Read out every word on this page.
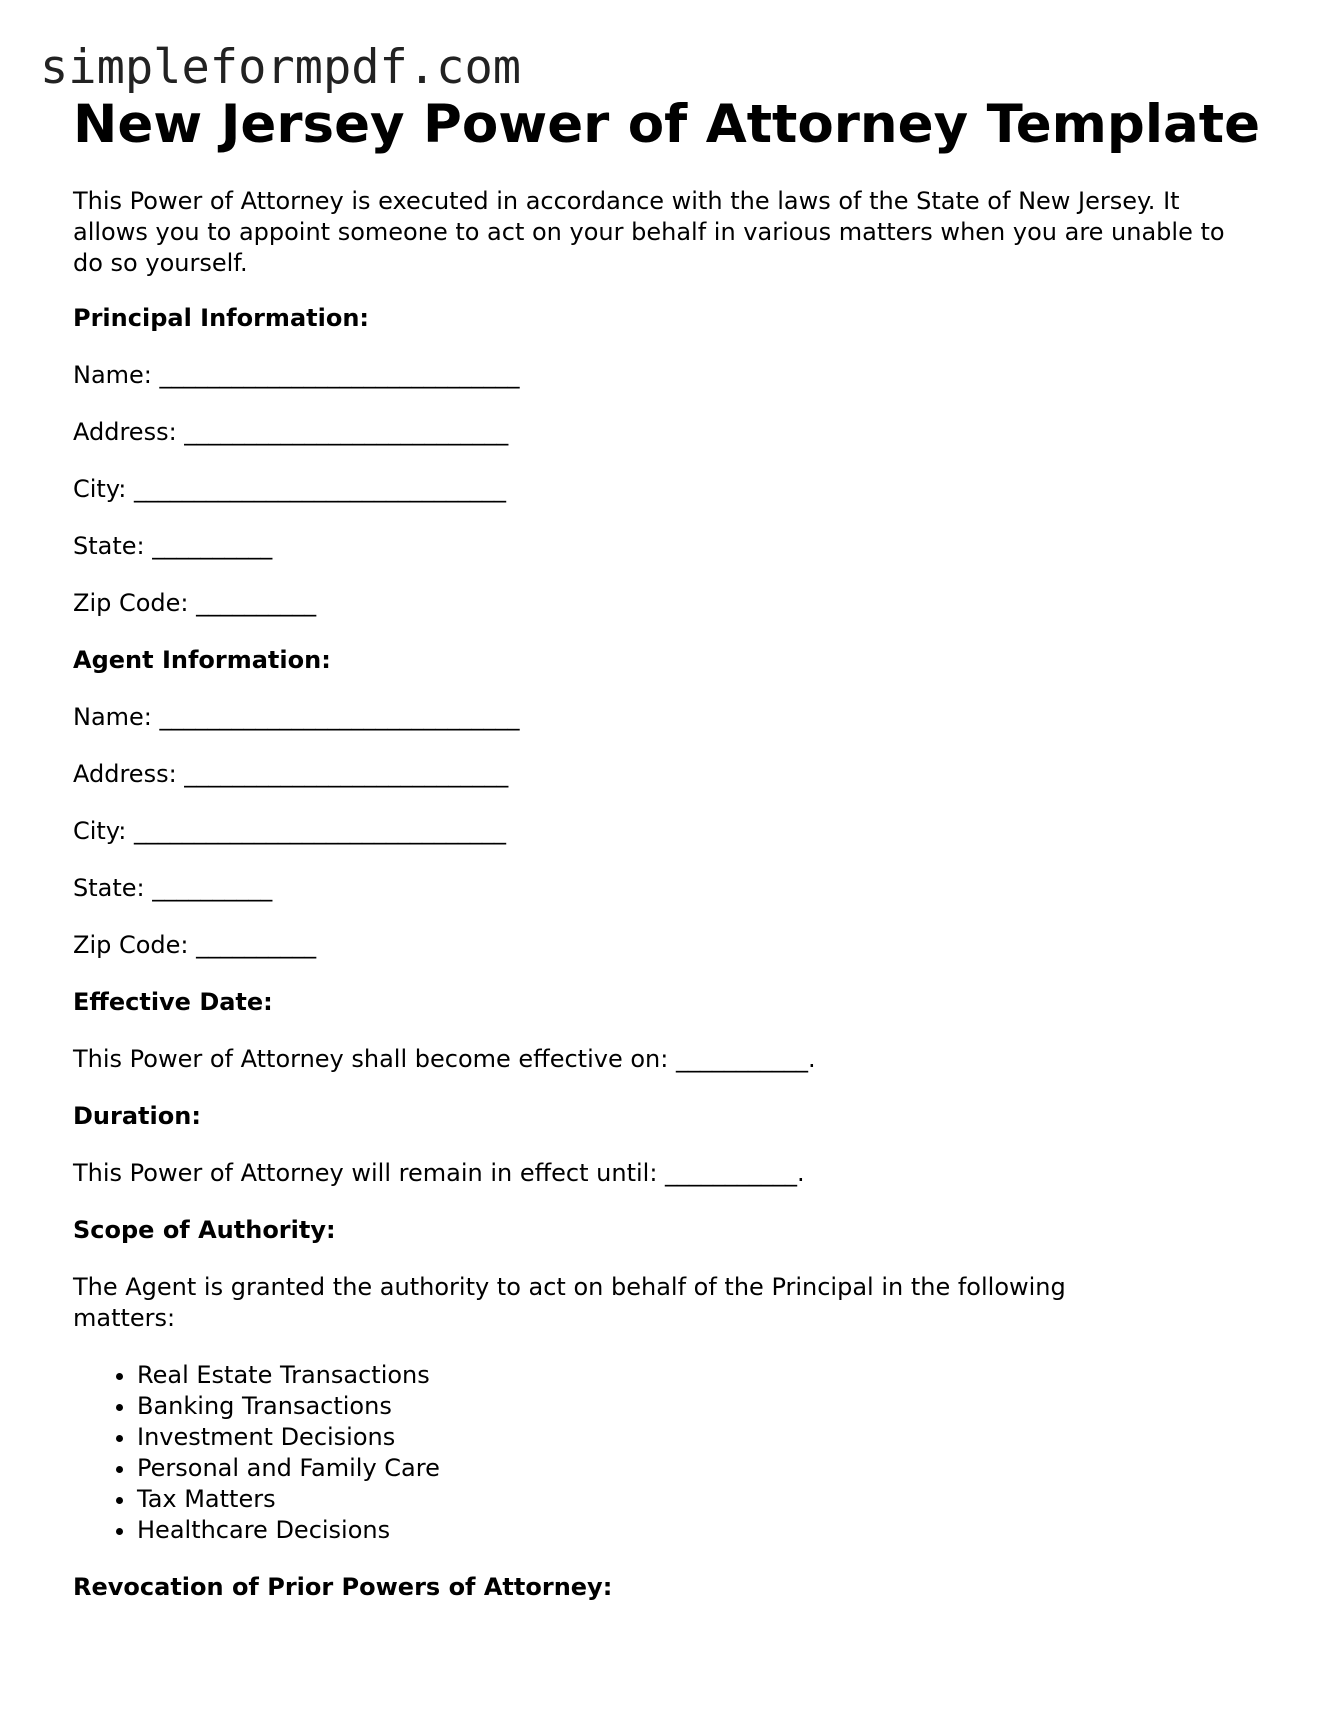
simpleformpdf.com
New Jersey Power of Attorney Template

This Power of Attorney is executed in accordance with the laws of the State of New Jersey. It allows you to appoint someone to act on your behalf in various matters when you are unable to do so yourself.

Principal Information:

Name: ______________________________

Address: ___________________________

City: _______________________________

State: __________

Zip Code: __________

Agent Information:

Name: ______________________________

Address: ___________________________

City: _______________________________

State: __________

Zip Code: __________

Effective Date:

This Power of Attorney shall become effective on: ___________.

Duration:

This Power of Attorney will remain in effect until: ___________.

Scope of Authority:

The Agent is granted the authority to act on behalf of the Principal in the following matters:

• Real Estate Transactions
• Banking Transactions
• Investment Decisions
• Personal and Family Care
• Tax Matters
• Healthcare Decisions

Revocation of Prior Powers of Attorney:
